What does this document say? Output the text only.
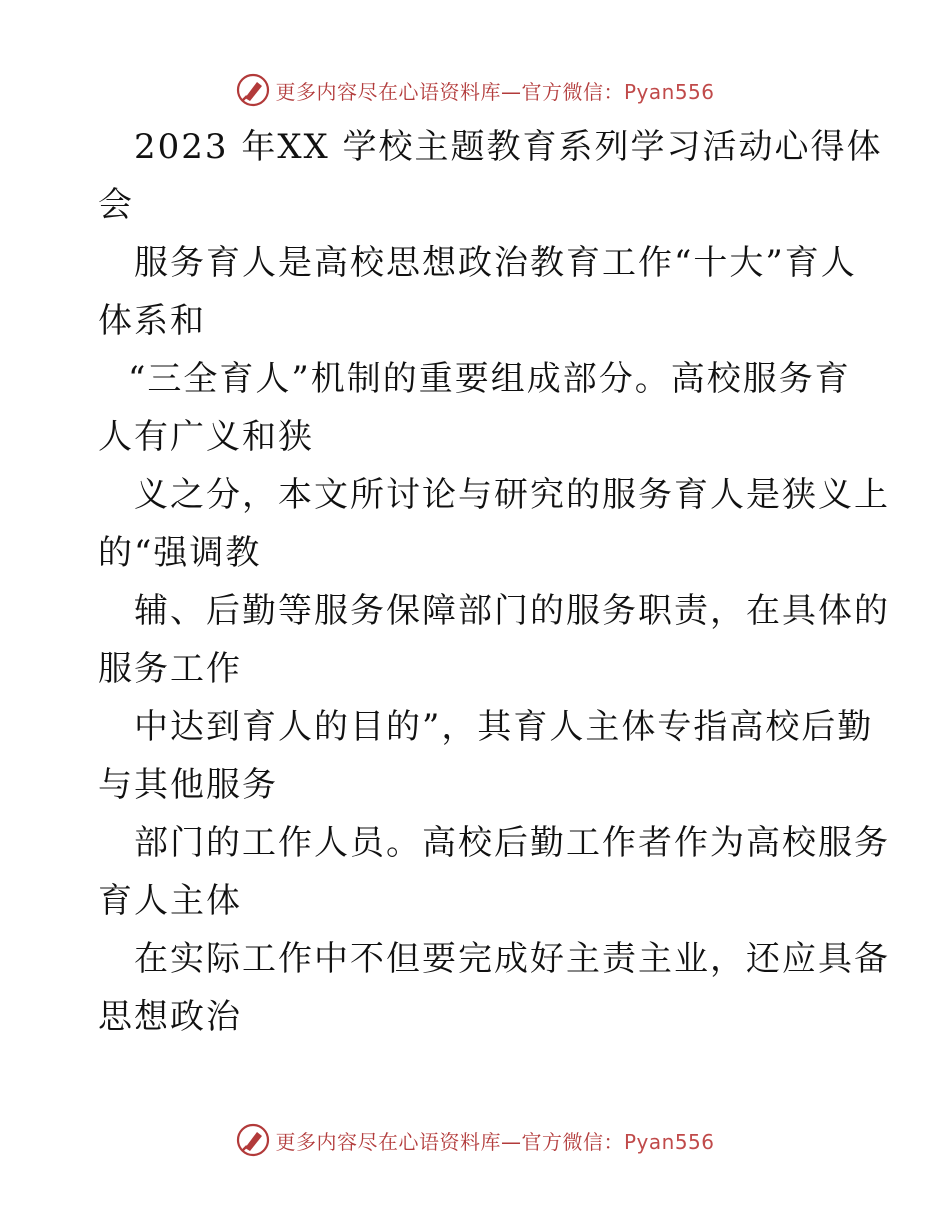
更多内容尽在心语资料库—官方微信：Pyan556
2023 年XX 学校主题教育系列学习活动心得体
会
服务育人是高校思想政治教育工作“十大”育人
体系和
“三全育人”机制的重要组成部分。高校服务育
人有广义和狭
义之分，本文所讨论与研究的服务育人是狭义上
的“强调教
辅、后勤等服务保障部门的服务职责，在具体的
服务工作
中达到育人的目的”，其育人主体专指高校后勤
与其他服务
部门的工作人员。高校后勤工作者作为高校服务
育人主体
在实际工作中不但要完成好主责主业，还应具备
思想政治
更多内容尽在心语资料库—官方微信：Pyan556
